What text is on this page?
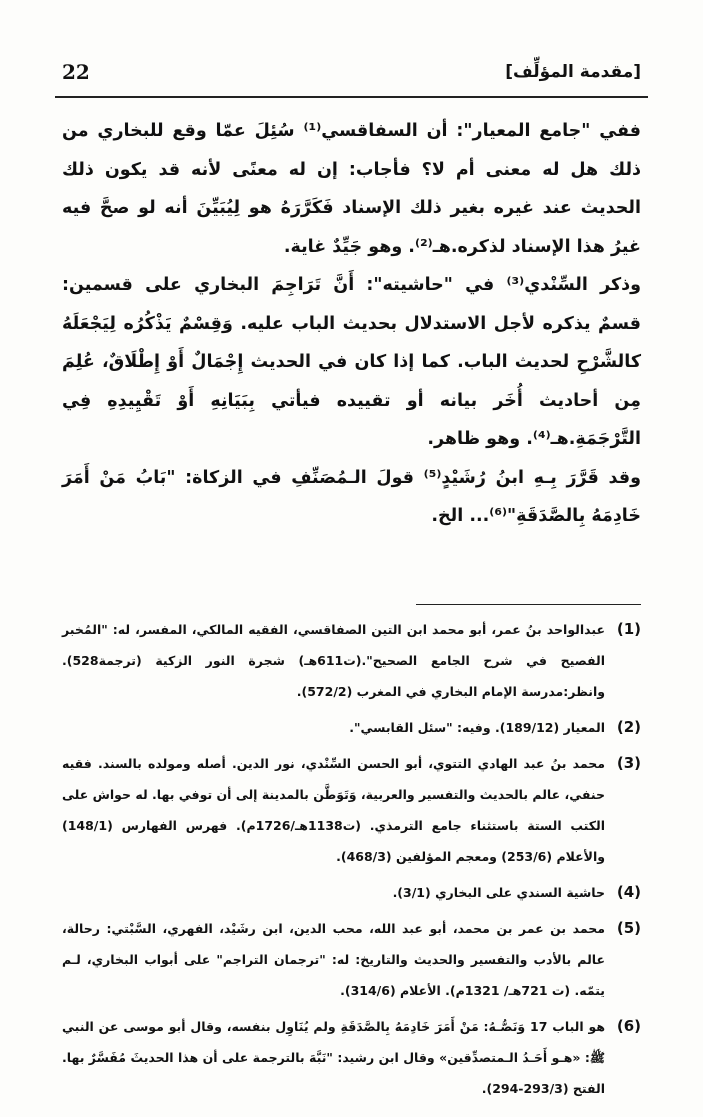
22	[مقدمة المؤلِّف]

ففي "جامع المعيار": أن السفاقسي⁽¹⁾ سُئِلَ عمّا وقع للبخاري من ذلك هل له معنى أم لا؟ فأجاب: إن له معنًى لأنه قد يكون ذلك الحديث عند غيره بغير ذلك الإسناد فَكَرَّرَهُ هو لِيُبَيِّنَ أنه لو صحَّ فيه غيرُ هذا الإسناد لذكره.هـ⁽²⁾. وهو جَيِّدٌ غاية.

وذكر السِّنْدي⁽³⁾ في "حاشيته": أَنَّ تَرَاجِمَ البخاري على قسمين: قسمٌ يذكره لأجل الاستدلال بحديث الباب عليه. وَقِسْمٌ يَذْكُرُه لِيَجْعَلَهُ كالشَّرْحِ لحديث الباب. كما إذا كان في الحديث إِجْمَالٌ أَوْ إِطْلَاقٌ، عُلِمَ مِن أحاديث أُخَر بيانه أو تقييده فيأتي بِبَيَانِهِ أَوْ تَقْيِيدِهِ فِي التَّرْجَمَةِ.هـ⁽⁴⁾. وهو ظاهر.

وقد قَرَّرَ بِـهِ ابنُ رُشَيْدٍ⁽⁵⁾ قولَ الـمُصَنِّفِ في الزكاة: "بَابُ مَنْ أَمَرَ خَادِمَهُ بِالصَّدَقَةِ"⁽⁶⁾... الخ.

(1)
عبدالواحد بنُ عمر، أبو محمد ابن التين الصفاقسي، الفقيه المالكي، المفسر، له: "المُخبر الفصيح في شرح الجامع الصحيح".(ت611هـ) شجرة النور الزكية (ترجمة528). وانظر:مدرسة الإمام البخاري في المغرب (572/2).
(2)
المعيار (189/12). وفيه: "سئل القابسي".
(3)
محمد بنُ عبد الهادي التتوي، أبو الحسن السِّنْدي، نور الدين. أصله ومولده بالسند. فقيه حنفي، عالم بالحديث والتفسير والعربية، وَتَوَطَّن بالمدينة إلى أن توفي بها. له حواش على الكتب الستة باستثناء جامع الترمذي. (ت1138هـ/1726م). فهرس الفهارس (148/1) والأعلام (253/6) ومعجم المؤلفين (468/3).
(4)
حاشية السندي على البخاري (3/1).
(5)
محمد بن عمر بن محمد، أبو عبد الله، محب الدين، ابن رشَيْد، الفهري، السَّبْتي: رحالة، عالم بالأدب والتفسير والحديث والتاريخ: له: "ترجمان التراجم" على أبواب البخاري، لـم يتمّه. (ت 721هـ/ 1321م). الأعلام (314/6).
(6)
هو الباب 17 وَنَصُّـهُ: مَنْ أَمَرَ خَادِمَهُ بِالصَّدَقَةِ ولم يُنَاوِل بنفسه، وقال أبو موسى عن النبي ﷺ: «هـو أَحَـدُ الـمتصدِّقين» وقال ابن رشيد: "نَبَّهَ بالترجمة على أن هذا الحديثَ مُفَسَّرٌ بها. الفتح (293/3-294).
